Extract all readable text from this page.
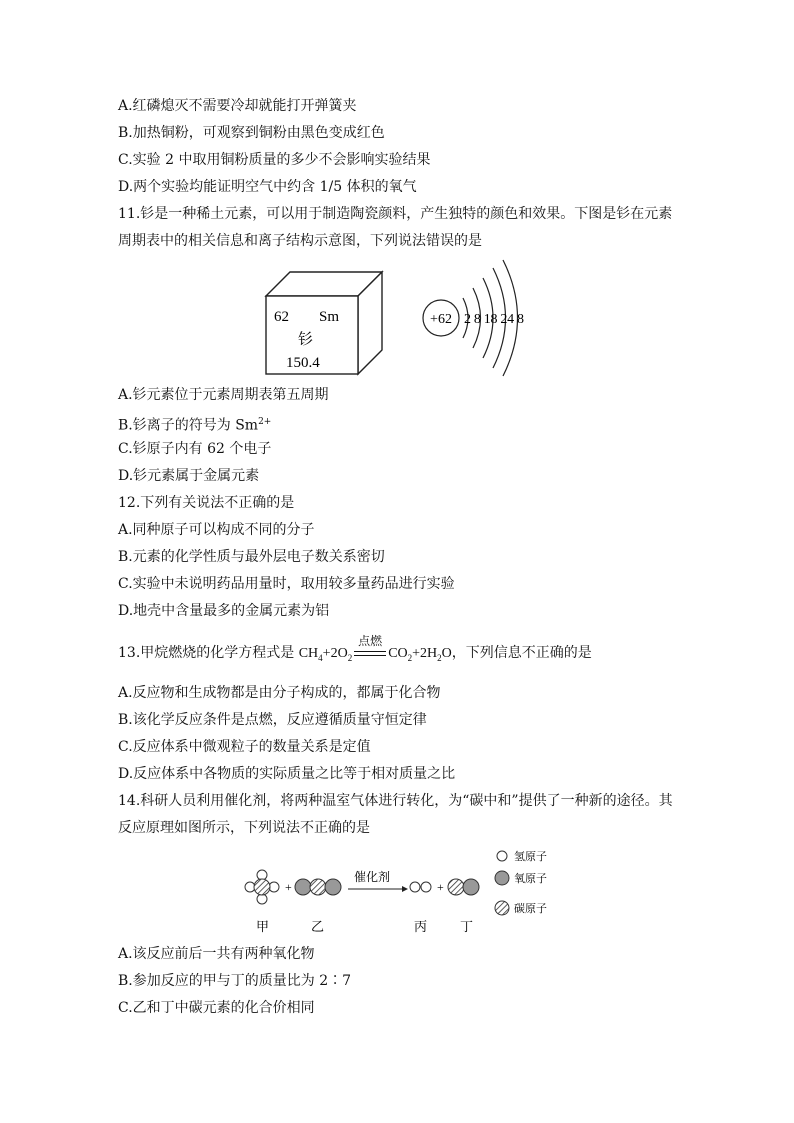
A.红磷熄灭不需要冷却就能打开弹簧夹
B.加热铜粉，可观察到铜粉由黑色变成红色
C.实验 2 中取用铜粉质量的多少不会影响实验结果
D.两个实验均能证明空气中约含 1/5 体积的氧气
11.钐是一种稀土元素，可以用于制造陶瓷颜料，产生独特的颜色和效果。下图是钐在元素
周期表中的相关信息和离子结构示意图，下列说法错误的是
62 Sm
钐
150.4
+62 2 8 18 24 8
A.钐元素位于元素周期表第五周期
B.钐离子的符号为 $Sm^{2+}$
C.钐原子内有 62 个电子
D.钐元素属于金属元素
12.下列有关说法不正确的是
A.同种原子可以构成不同的分子
B.元素的化学性质与最外层电子数关系密切
C.实验中未说明药品用量时，取用较多量药品进行实验
D.地壳中含量最多的金属元素为铝
13.甲烷燃烧的化学方程式是 $CH_4+2O_2$
点燃
$CO_2+2H_2O$，下列信息不正确的是
A.反应物和生成物都是由分子构成的，都属于化合物
B.该化学反应条件是点燃，反应遵循质量守恒定律
C.反应体系中微观粒子的数量关系是定值
D.反应体系中各物质的实际质量之比等于相对质量之比
14.科研人员利用催化剂，将两种温室气体进行转化，为“碳中和”提供了一种新的途径。其
反应原理如图所示，下列说法不正确的是
+
催化剂
+
甲	乙	丙	丁
氢原子
氧原子
碳原子
A.该反应前后一共有两种氧化物
B.参加反应的甲与丁的质量比为 2∶7
C.乙和丁中碳元素的化合价相同
